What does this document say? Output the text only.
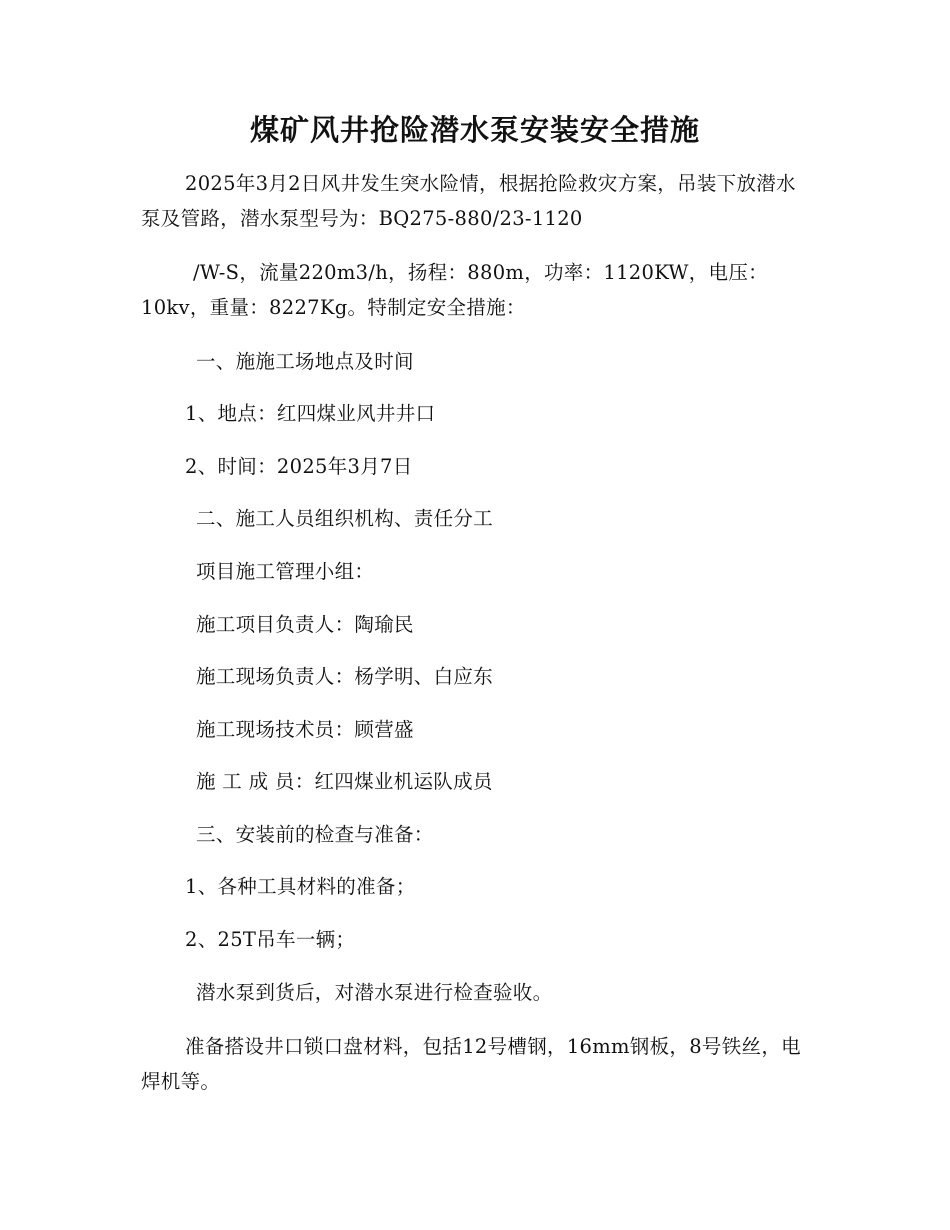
煤矿风井抢险潜水泵安装安全措施

2025年3月2日风井发生突水险情，根据抢险救灾方案，吊装下放潜水泵及管路，潜水泵型号为：BQ275-880/23-1120

/W-S，流量220m3/h，扬程：880m，功率：1120KW，电压：10kv，重量：8227Kg。特制定安全措施：

一、施施工场地点及时间

1、地点：红四煤业风井井口

2、时间：2025年3月7日

二、施工人员组织机构、责任分工

项目施工管理小组：

施工项目负责人：陶瑜民

施工现场负责人：杨学明、白应东

施工现场技术员：顾营盛

施 工 成 员：红四煤业机运队成员

三、安装前的检查与准备：

1、各种工具材料的准备；

2、25T吊车一辆；

潜水泵到货后，对潜水泵进行检查验收。

准备搭设井口锁口盘材料，包括12号槽钢，16mm钢板，8号铁丝，电焊机等。
